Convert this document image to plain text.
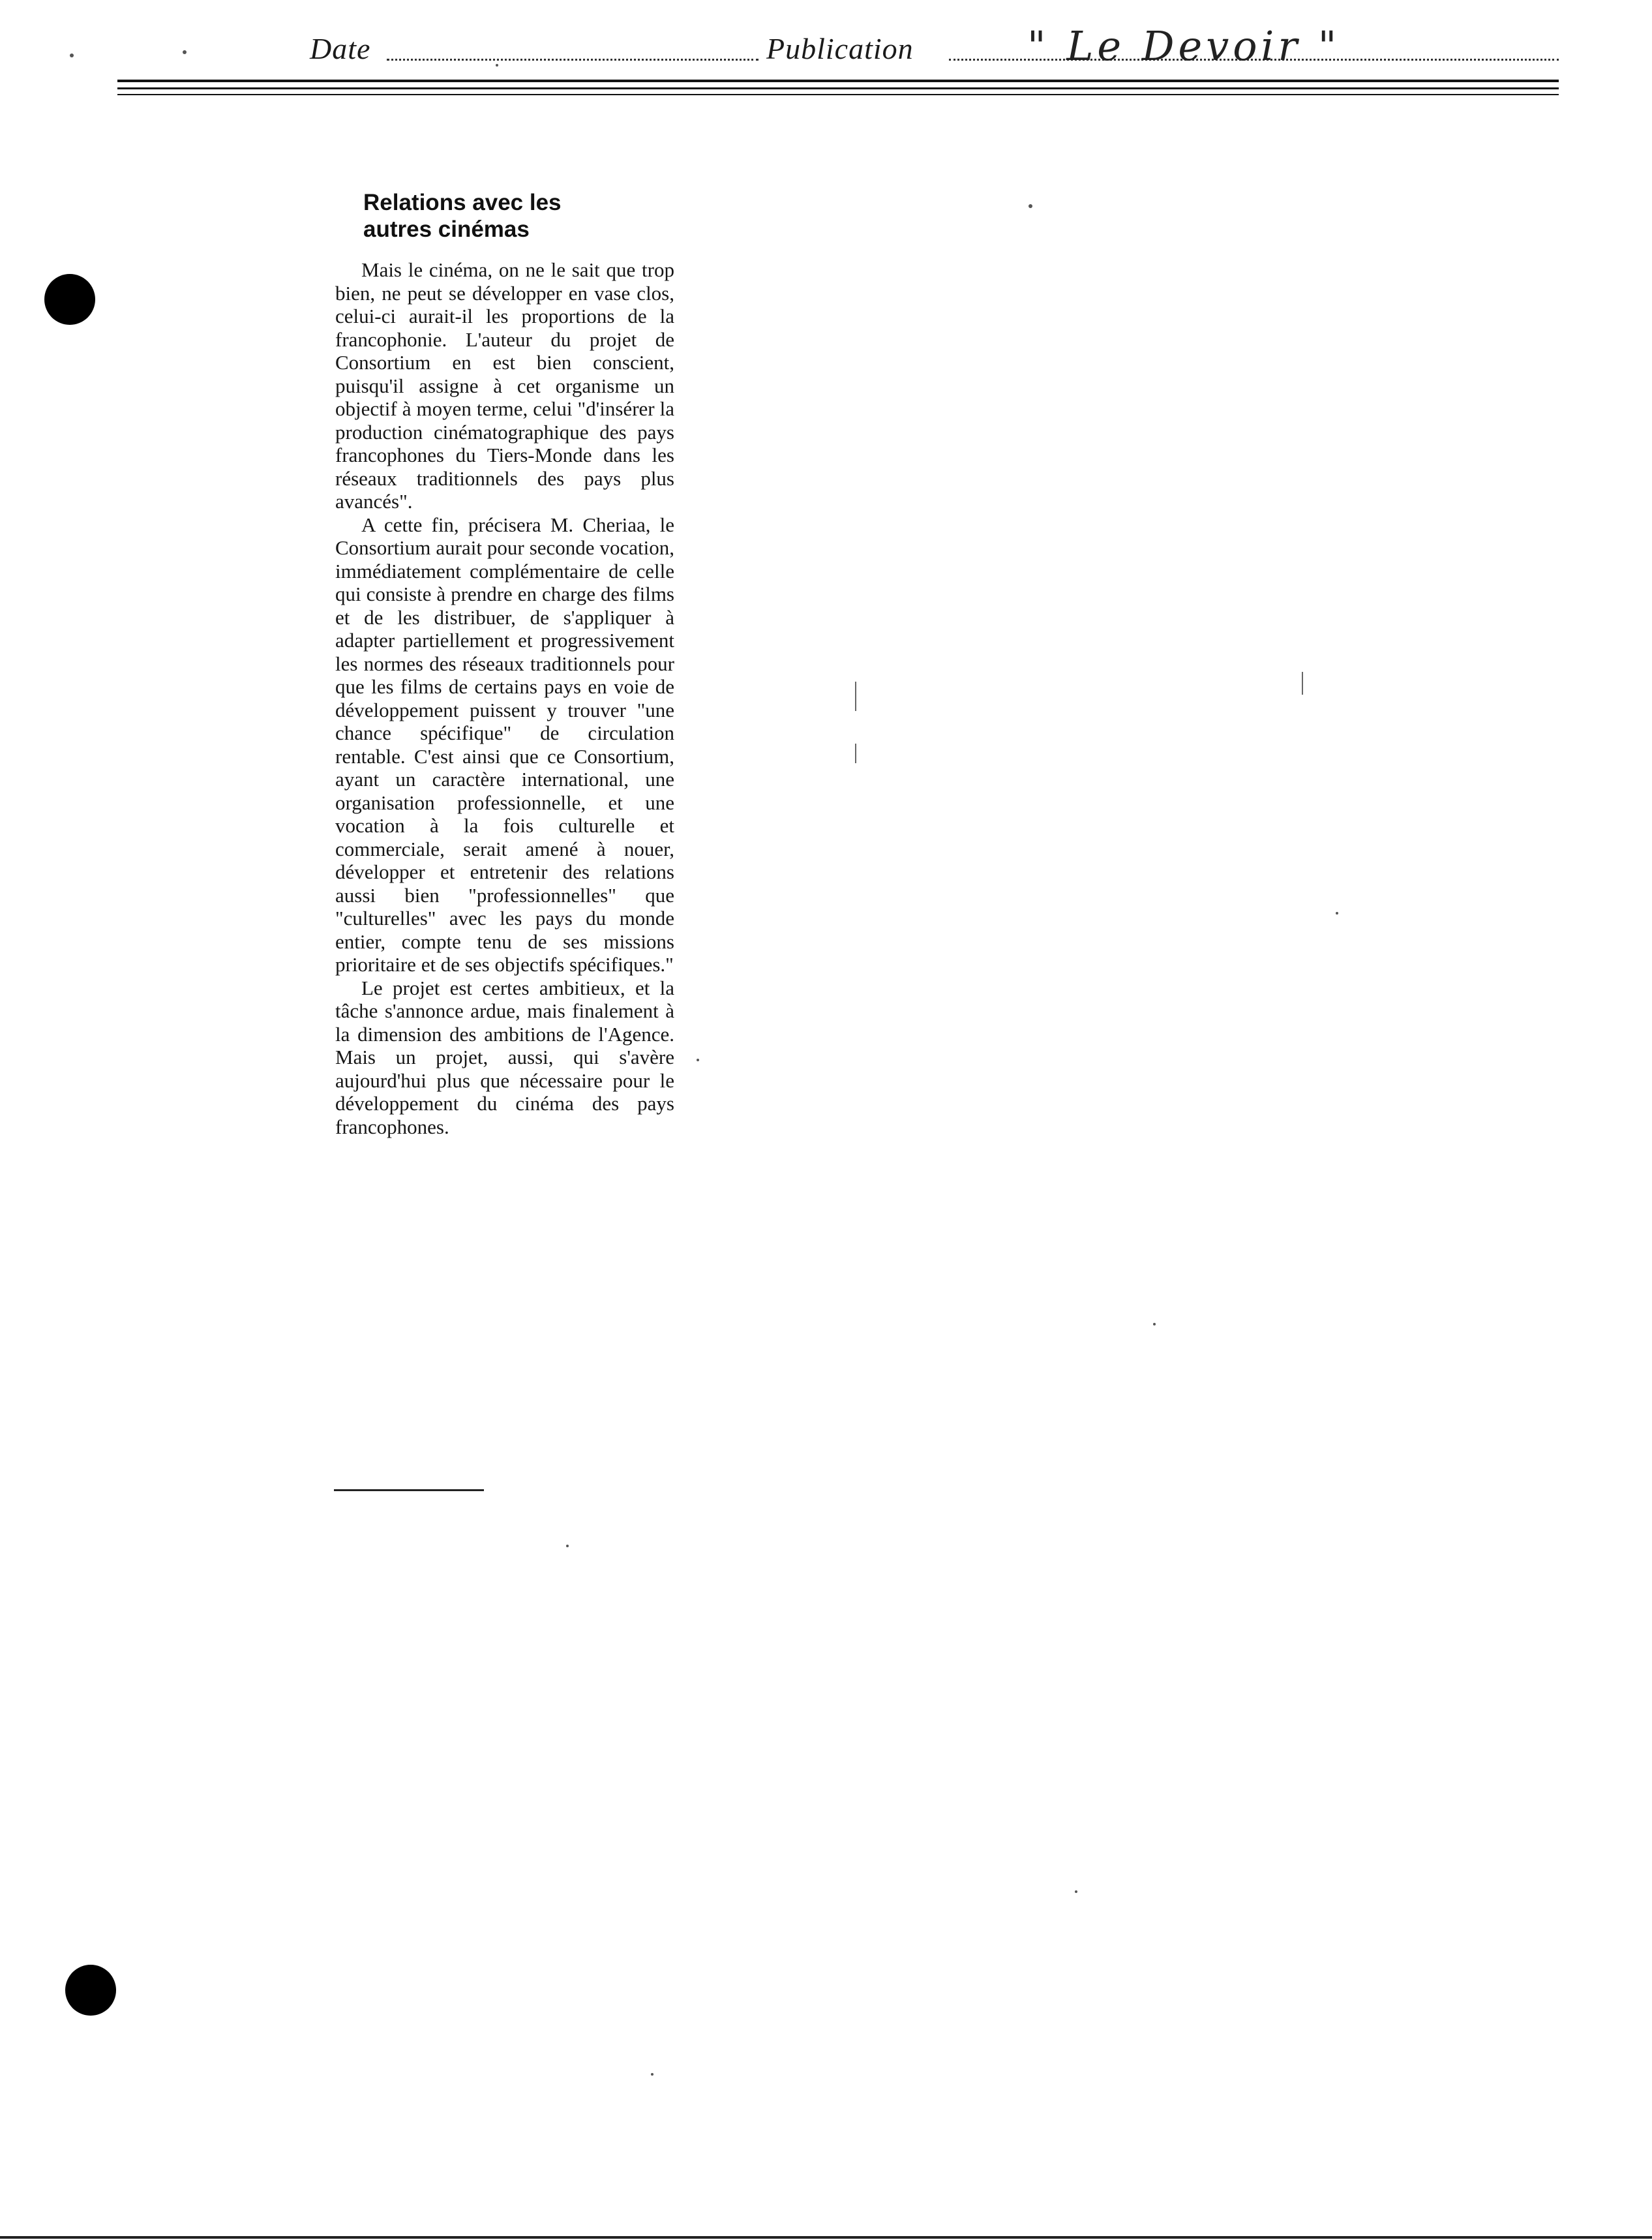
Date	Publication	" Le Devoir "
Relations avec les
autres cinémas

Mais le cinéma, on ne le sait que trop bien, ne peut se développer en vase clos, celui-ci aurait-il les proportions de la francophonie. L'auteur du projet de Consortium en est bien conscient, puisqu'il assigne à cet organisme un objectif à moyen terme, celui "d'insérer la production cinématographique des pays francophones du Tiers-Monde dans les réseaux traditionnels des pays plus avancés".

A cette fin, précisera M. Cheriaa, le Consortium aurait pour seconde vocation, immédiatement complémentaire de celle qui consiste à prendre en charge des films et de les distribuer, de s'appliquer à adapter partiellement et progressivement les normes des réseaux traditionnels pour que les films de certains pays en voie de développement puissent y trouver "une chance spécifique" de circulation rentable. C'est ainsi que ce Consortium, ayant un caractère international, une organisation professionnelle, et une vocation à la fois culturelle et commerciale, serait amené à nouer, développer et entretenir des relations aussi bien "professionnelles" que "culturelles" avec les pays du monde entier, compte tenu de ses missions prioritaire et de ses objectifs spécifiques."

Le projet est certes ambitieux, et la tâche s'annonce ardue, mais finalement à la dimension des ambitions de l'Agence. Mais un projet, aussi, qui s'avère aujourd'hui plus que nécessaire pour le développement du cinéma des pays francophones.
